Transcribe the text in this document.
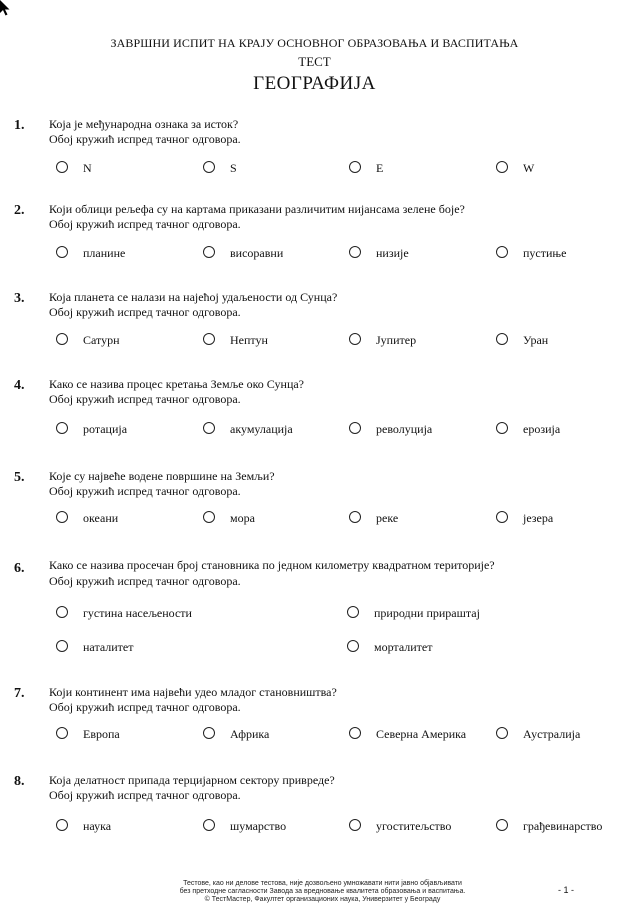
ЗАВРШНИ ИСПИТ НА КРАЈУ ОСНОВНОГ ОБРАЗОВАЊА И ВАСПИТАЊА
ТЕСТ
ГЕОГРАФИЈА
1. Која је међународна ознака за исток?
Обој кружић испред тачног одговора.
N	S	E	W
2. Који облици рељефа су на картама приказани различитим нијансама зелене боје?
Обој кружић испред тачног одговора.
планине	висоравни	низије	пустиње
3. Која планета се налази на најећој удаљености од Сунца?
Обој кружић испред тачног одговора.
Сатурн	Нептун	Јупитер	Уран
4. Како се назива процес кретања Земље око Сунца?
Обој кружић испред тачног одговора.
ротација	акумулација	револуција	ерозија
5. Које су највеће водене површине на Земљи?
Обој кружић испред тачног одговора.
океани	мора	реке	језера
6. Како се назива просечан број становника по једном километру квадратном територије?
Обој кружић испред тачног одговора.
густина насељености	природни прираштај
наталитет	морталитет
7. Који континент има највећи удео младог становништва?
Обој кружић испред тачног одговора.
Европа	Африка	Северна Америка	Аустралија
8. Која делатност припада терцијарном сектору привреде?
Обој кружић испред тачног одговора.
наука	шумарство	угоститељство	грађевинарство
Тестове, као ни делове тестова, није дозвољено умножавати нити јавно објављивати
без претходне сагласности Завода за вредновање квалитета образовања и васпитања.
© ТестМастер, Факултет организационих наука, Универзитет у Београду
- 1 -
